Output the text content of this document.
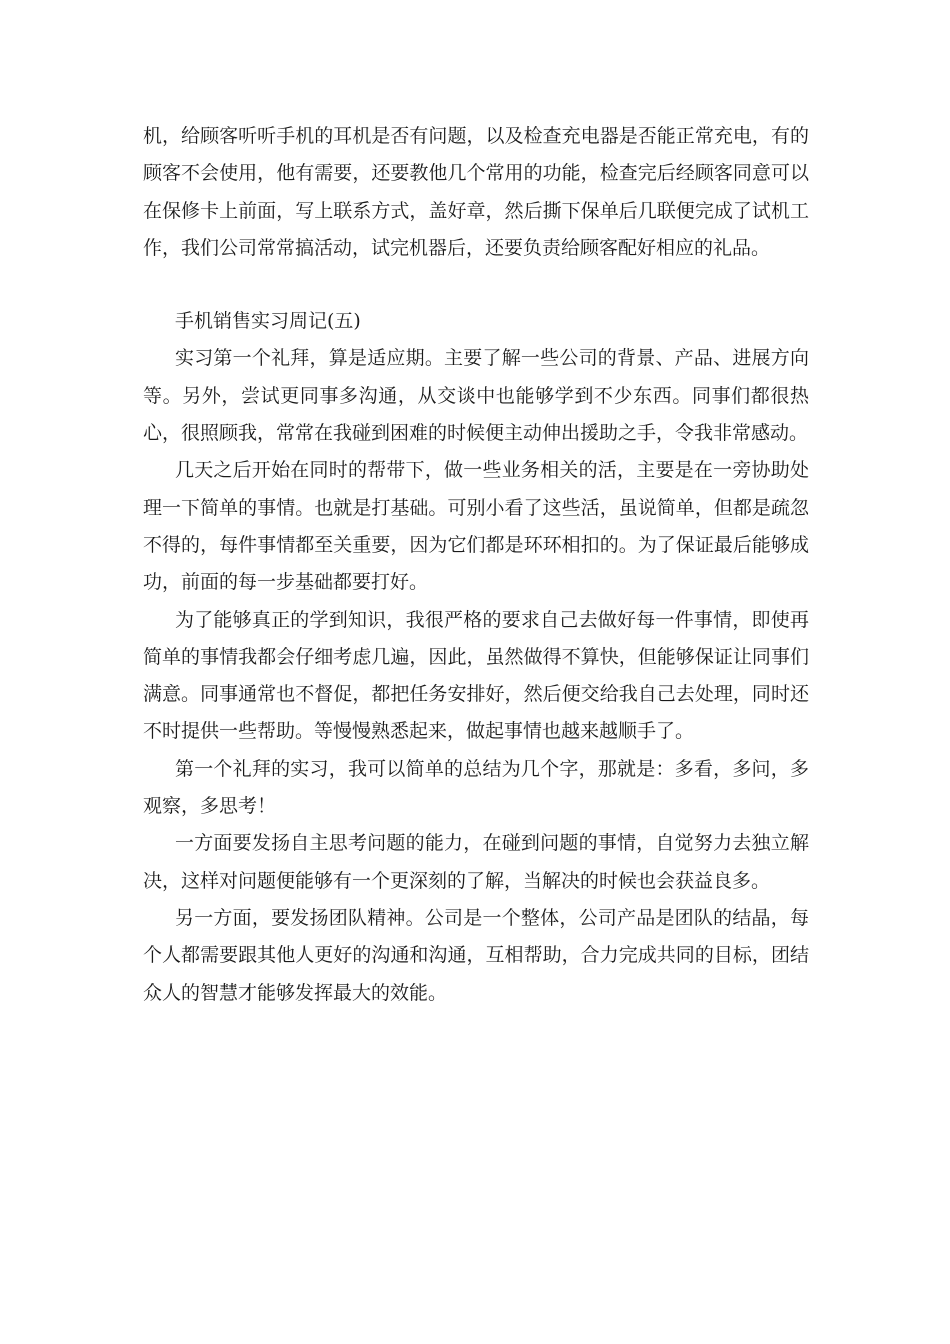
机，给顾客听听手机的耳机是否有问题，以及检查充电器是否能正常充电，有的顾客不会使用，他有需要，还要教他几个常用的功能，检查完后经顾客同意可以在保修卡上前面，写上联系方式，盖好章，然后撕下保单后几联便完成了试机工作，我们公司常常搞活动，试完机器后，还要负责给顾客配好相应的礼品。

手机销售实习周记(五)

实习第一个礼拜，算是适应期。主要了解一些公司的背景、产品、进展方向等。另外，尝试更同事多沟通，从交谈中也能够学到不少东西。同事们都很热心，很照顾我，常常在我碰到困难的时候便主动伸出援助之手，令我非常感动。

几天之后开始在同时的帮带下，做一些业务相关的活，主要是在一旁协助处理一下简单的事情。也就是打基础。可别小看了这些活，虽说简单，但都是疏忽不得的，每件事情都至关重要，因为它们都是环环相扣的。为了保证最后能够成功，前面的每一步基础都要打好。

为了能够真正的学到知识，我很严格的要求自己去做好每一件事情，即使再简单的事情我都会仔细考虑几遍，因此，虽然做得不算快，但能够保证让同事们满意。同事通常也不督促，都把任务安排好，然后便交给我自己去处理，同时还不时提供一些帮助。等慢慢熟悉起来，做起事情也越来越顺手了。

第一个礼拜的实习，我可以简单的总结为几个字，那就是：多看，多问，多观察，多思考！

一方面要发扬自主思考问题的能力，在碰到问题的事情，自觉努力去独立解决，这样对问题便能够有一个更深刻的了解，当解决的时候也会获益良多。

另一方面，要发扬团队精神。公司是一个整体，公司产品是团队的结晶，每个人都需要跟其他人更好的沟通和沟通，互相帮助，合力完成共同的目标，团结众人的智慧才能够发挥最大的效能。
